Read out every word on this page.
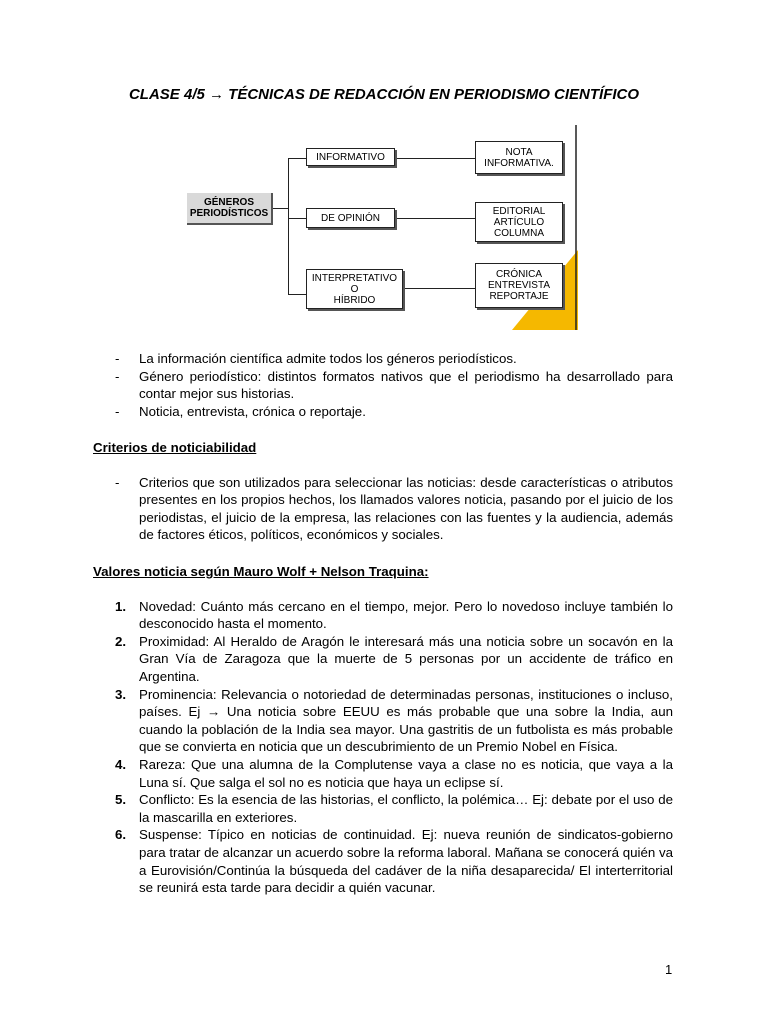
CLASE 4/5 → TÉCNICAS DE REDACCIÓN EN PERIODISMO CIENTÍFICO
GÉNEROS
PERIODÍSTICOS
INFORMATIVO
DE OPINIÓN
INTERPRETATIVO
O
HÍBRIDO
NOTA
INFORMATIVA.
EDITORIAL
ARTÍCULO
COLUMNA
CRÓNICA
ENTREVISTA
REPORTAJE
- La información científica admite todos los géneros periodísticos.
- Género periodístico: distintos formatos nativos que el periodismo ha desarrollado para contar mejor sus historias.
- Noticia, entrevista, crónica o reportaje.
Criterios de noticiabilidad
- Criterios que son utilizados para seleccionar las noticias: desde características o atributos presentes en los propios hechos, los llamados valores noticia, pasando por el juicio de los periodistas, el juicio de la empresa, las relaciones con las fuentes y la audiencia, además de factores éticos, políticos, económicos y sociales.
Valores noticia según Mauro Wolf + Nelson Traquina:
1. Novedad: Cuánto más cercano en el tiempo, mejor. Pero lo novedoso incluye también lo desconocido hasta el momento.
2. Proximidad: Al Heraldo de Aragón le interesará más una noticia sobre un socavón en la Gran Vía de Zaragoza que la muerte de 5 personas por un accidente de tráfico en Argentina.
3. Prominencia: Relevancia o notoriedad de determinadas personas, instituciones o incluso, países. Ej → Una noticia sobre EEUU es más probable que una sobre la India, aun cuando la población de la India sea mayor. Una gastritis de un futbolista es más probable que se convierta en noticia que un descubrimiento de un Premio Nobel en Física.
4. Rareza: Que una alumna de la Complutense vaya a clase no es noticia, que vaya a la Luna sí. Que salga el sol no es noticia que haya un eclipse sí.
5. Conflicto: Es la esencia de las historias, el conflicto, la polémica… Ej: debate por el uso de la mascarilla en exteriores.
6. Suspense: Típico en noticias de continuidad. Ej: nueva reunión de sindicatos-gobierno para tratar de alcanzar un acuerdo sobre la reforma laboral. Mañana se conocerá quién va a Eurovisión/Continúa la búsqueda del cadáver de la niña desaparecida/ El interterritorial se reunirá esta tarde para decidir a quién vacunar.
1
